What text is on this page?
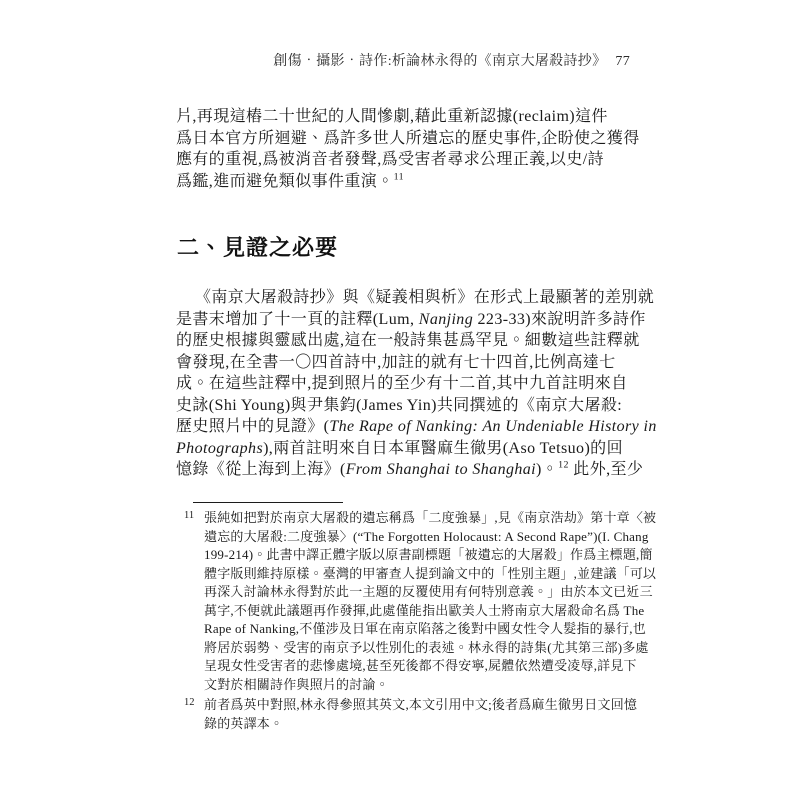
創傷‧攝影‧詩作:析論林永得的《南京大屠殺詩抄》 77
片,再現這樁二十世紀的人間慘劇,藉此重新認據(reclaim)這件
爲日本官方所迴避、爲許多世人所遺忘的歷史事件,企盼使之獲得
應有的重視,爲被消音者發聲,爲受害者尋求公理正義,以史/詩
爲鑑,進而避免類似事件重演。$^{11}$
二、見證之必要
《南京大屠殺詩抄》與《疑義相與析》在形式上最顯著的差別就
是書末增加了十一頁的註釋(Lum, Nanjing 223-33)來說明許多詩作
的歷史根據與靈感出處,這在一般詩集甚爲罕見。細數這些註釋就
會發現,在全書一〇四首詩中,加註的就有七十四首,比例高達七
成。在這些註釋中,提到照片的至少有十二首,其中九首註明來自
史詠(Shi Young)與尹集鈞(James Yin)共同撰述的《南京大屠殺:
歷史照片中的見證》(The Rape of Nanking: An Undeniable History in
Photographs),兩首註明來自日本軍醫麻生徹男(Aso Tetsuo)的回
憶錄《從上海到上海》(From Shanghai to Shanghai)。$^{12}$ 此外,至少
11 張純如把對於南京大屠殺的遺忘稱爲「二度強暴」,見《南京浩劫》第十章〈被
遺忘的大屠殺:二度強暴〉(“The Forgotten Holocaust: A Second Rape”)(I. Chang
199-214)。此書中譯正體字版以原書副標題「被遺忘的大屠殺」作爲主標題,簡
體字版則維持原樣。臺灣的甲審查人提到論文中的「性別主題」,並建議「可以
再深入討論林永得對於此一主題的反覆使用有何特別意義。」由於本文已近三
萬字,不便就此議題再作發揮,此處僅能指出歐美人士將南京大屠殺命名爲 The
Rape of Nanking,不僅涉及日軍在南京陷落之後對中國女性令人髮指的暴行,也
將居於弱勢、受害的南京予以性別化的表述。林永得的詩集(尤其第三部)多處
呈現女性受害者的悲慘處境,甚至死後都不得安寧,屍體依然遭受凌辱,詳見下
文對於相關詩作與照片的討論。
12 前者爲英中對照,林永得參照其英文,本文引用中文;後者爲麻生徹男日文回憶
錄的英譯本。
